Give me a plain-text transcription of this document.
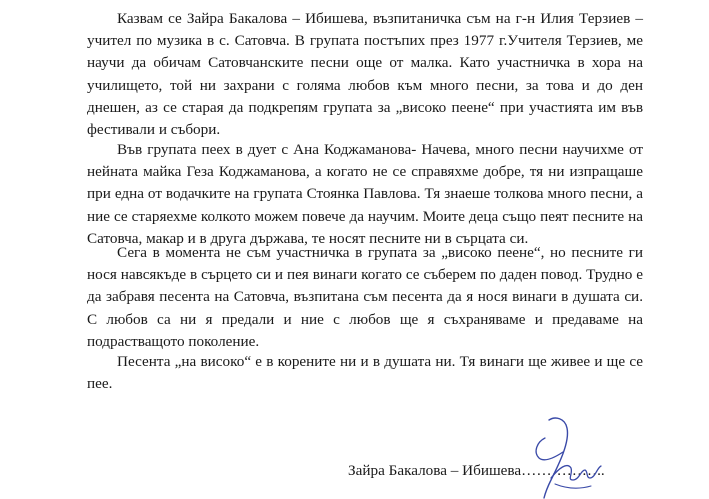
Казвам се Зайра Бакалова – Ибишева, възпитаничка съм на г-н Илия Терзиев – учител по музика в с. Сатовча. В групата постъпих през 1977 г.Учителя Терзиев, ме научи да обичам Сатовчанските песни още от малка. Като участничка в хора на училището, той ни захрани с голяма любов към много песни, за това и до ден днешен, аз се старая да подкрепям групата за „високо пеене“ при участията им във фестивали и събори.

Във групата пеех в дует с Ана Коджаманова- Начева, много песни научихме от нейната майка Геза Коджаманова, а когато не се справяхме добре, тя ни изпращаше при една от водачките на групата Стоянка Павлова. Тя знаеше толкова много песни, а ние се старяехме колкото можем повече да научим. Моите деца също пеят песните на Сатовча, макар и в друга държава, те носят песните ни в сърцата си.

Сега в момента не съм участничка в групата за „високо пеене“, но песните ги нося навсякъде в сърцето си и пея винаги когато се съберем по даден повод. Трудно е да забравя песента на Сатовча, възпитана съм песента да я нося винаги в душата си. С любов са ни я предали и ние с любов ще я съхраняваме и предаваме на подрастващото поколение.

Песента „на високо“ е в корените ни и в душата ни. Тя винаги ще живее и ще се пее.

Зайра Бакалова – Ибишева……………..
